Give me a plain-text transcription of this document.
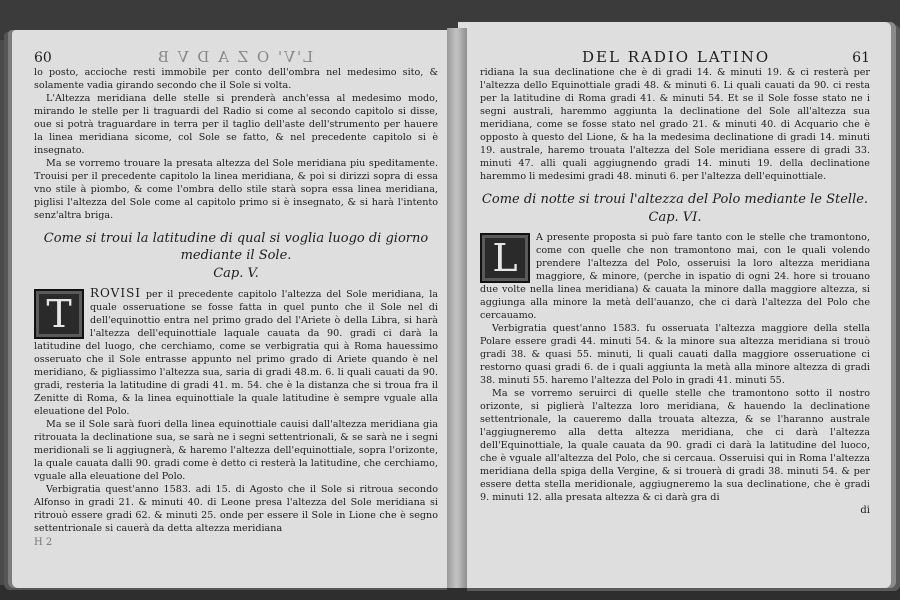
60	L'V' O Z A D V B

lo posto, accioche resti immobile per conto dell'ombra nel medesimo sito, & solamente vadia girando secondo che il Sole si volta.

L'Altezza meridiana delle stelle si prenderà anch'essa al medesimo modo, mirando le stelle per li traguardi del Radio si come al secondo capitolo si disse, oue si potrà traguardare in terra per il taglio dell'aste dell'strumento per hauere la linea meridiana sicome, col Sole se fatto, & nel precedente capitolo si è insegnato.

Ma se vorremo trouare la presata altezza del Sole meridiana piu speditamente. Trouisi per il precedente capitolo la linea meridiana, & poi si dirizzi sopra di essa vno stile à piombo, & come l'ombra dello stile starà sopra essa linea meridiana, piglisi l'altezza del Sole come al capitolo primo si è insegnato, & si harà l'intento senz'altra briga.

Come si troui la latitudine di qual si voglia luogo di giorno mediante il Sole.
Cap. V.
T	ROVISI per il precedente capitolo l'altezza del Sole meridiana, la quale osseruatione se fosse fatta in quel punto che il Sole nel di dell'equinottio entra nel primo grado del l'Ariete ò della Libra, si harà l'altezza dell'equinottiale laquale cauata da 90. gradi ci darà la latitudine del luogo, che cerchiamo, come se verbigratia qui à Roma hauessimo osseruato che il Sole entrasse appunto nel primo grado di Ariete quando è nel meridiano, & pigliassimo l'altezza sua, saria di gradi 48.m. 6. li quali cauati da 90. gradi, resteria la latitudine di gradi 41. m. 54. che è la distanza che si troua fra il Zenitte di Roma, & la linea equinottiale la quale latitudine è sempre vguale alla eleuatione del Polo.

Ma se il Sole sarà fuori della linea equinottiale cauisi dall'altezza meridiana gia ritrouata la declinatione sua, se sarà ne i segni settentrionali, & se sarà ne i segni meridionali se li aggiugnerà, & haremo l'altezza dell'equinottiale, sopra l'orizonte, la quale cauata dalli 90. gradi come è detto ci resterà la latitudine, che cerchiamo, vguale alla eleuatione del Polo.

Verbigratia quest'anno 1583. adi 15. di Agosto che il Sole si ritroua secondo Alfonso in gradi 21. & minuti 40. di Leone presa l'altezza del Sole meridiana si ritrouò essere gradi 62. & minuti 25. onde per essere il Sole in Lione che è segno settentrionale si cauerà da detta altezza meridiana

H 2
DEL RADIO LATINO	61

ridiana la sua declinatione che è di gradi 14. & minuti 19. & ci resterà per l'altezza dello Equinottiale gradi 48. & minuti 6. Li quali cauati da 90. ci resta per la latitudine di Roma gradi 41. & minuti 54. Et se il Sole fosse stato ne i segni australi, haremmo aggiunta la declinatione del Sole all'altezza sua meridiana, come se fosse stato nel grado 21. & minuti 40. di Acquario che è opposto à questo del Lione, & ha la medesima declinatione di gradi 14. minuti 19. australe, haremo trouata l'altezza del Sole meridiana essere di gradi 33. minuti 47. alli quali aggiugnendo gradi 14. minuti 19. della declinatione haremmo li medesimi gradi 48. minuti 6. per l'altezza dell'equinottiale.

Come di notte si troui l'altezza del Polo mediante le Stelle.
Cap. VI.
L	A presente proposta si può fare tanto con le stelle che tramontono, come con quelle che non tramontono mai, con le quali volendo prendere l'altezza del Polo, osseruisi la loro altezza meridiana maggiore, & minore, (perche in ispatio di ogni 24. hore si trouano due volte nella linea meridiana) & cauata la minore dalla maggiore altezza, si aggiunga alla minore la metà dell'auanzo, che ci darà l'altezza del Polo che cercauamo.

Verbigratia quest'anno 1583. fu osseruata l'altezza maggiore della stella Polare essere gradi 44. minuti 54. & la minore sua altezza meridiana si trouò gradi 38. & quasi 55. minuti, li quali cauati dalla maggiore osseruatione ci restorno quasi gradi 6. de i quali aggiunta la metà alla minore altezza di gradi 38. minuti 55. haremo l'altezza del Polo in gradi 41. minuti 55.

Ma se vorremo seruirci di quelle stelle che tramontono sotto il nostro orizonte, si piglierà l'altezza loro meridiana, & hauendo la declinatione settentrionale, la caueremo dalla trouata altezza, & se l'haranno australe l'aggiugneremo alla detta altezza meridiana, che ci darà l'altezza dell'Equinottiale, la quale cauata da 90. gradi ci darà la latitudine del luoco, che è vguale all'altezza del Polo, che si cercaua. Osseruisi qui in Roma l'altezza meridiana della spiga della Vergine, & si trouerà di gradi 38. minuti 54. & per essere detta stella meridionale, aggiugneremo la sua declinatione, che è gradi 9. minuti 12. alla presata altezza & ci darà gra di

di
